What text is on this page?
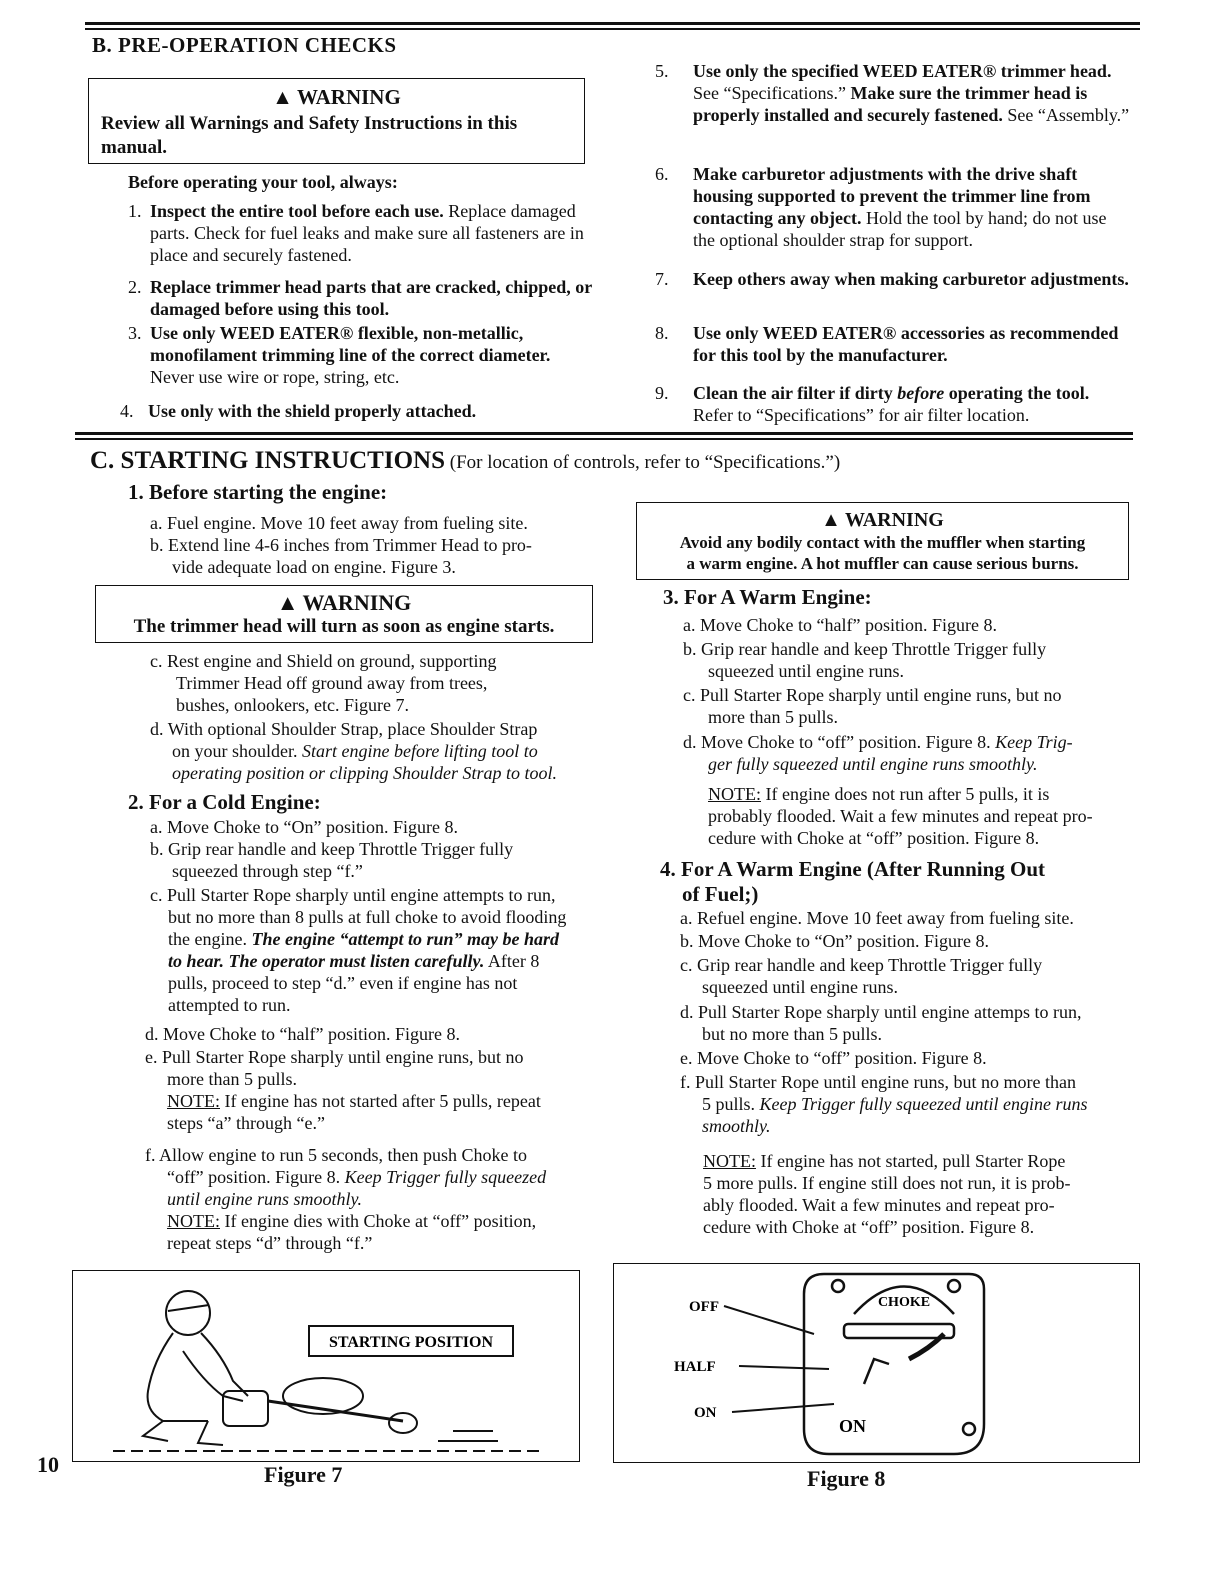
B. PRE-OPERATION CHECKS
▲ WARNING
Review all Warnings and Safety Instructions in this manual.
Before operating your tool, always:
1. Inspect the entire tool before each use. Replace damaged parts. Check for fuel leaks and make sure all fasteners are in place and securely fastened.
2. Replace trimmer head parts that are cracked, chipped, or damaged before using this tool.
3. Use only WEED EATER® flexible, non-metallic, monofilament trimming line of the correct diameter. Never use wire or rope, string, etc.
4. Use only with the shield properly attached.
5. Use only the specified WEED EATER® trimmer head. See “Specifications.” Make sure the trimmer head is properly installed and securely fastened. See “Assembly.”
6. Make carburetor adjustments with the drive shaft housing supported to prevent the trimmer line from contacting any object. Hold the tool by hand; do not use the optional shoulder strap for support.
7. Keep others away when making carburetor adjustments.
8. Use only WEED EATER® accessories as recommended for this tool by the manufacturer.
9. Clean the air filter if dirty before operating the tool. Refer to “Specifications” for air filter location.
C. STARTING INSTRUCTIONS (For location of controls, refer to “Specifications.”)
1. Before starting the engine:
a. Fuel engine. Move 10 feet away from fueling site.
b. Extend line 4-6 inches from Trimmer Head to pro-
vide adequate load on engine. Figure 3.
▲ WARNING
The trimmer head will turn as soon as engine starts.
c. Rest engine and Shield on ground, supporting
Trimmer Head off ground away from trees,
bushes, onlookers, etc. Figure 7.
d. With optional Shoulder Strap, place Shoulder Strap
on your shoulder. Start engine before lifting tool to
operating position or clipping Shoulder Strap to tool.
2. For a Cold Engine:
a. Move Choke to “On” position. Figure 8.
b. Grip rear handle and keep Throttle Trigger fully
squeezed through step “f.”
c. Pull Starter Rope sharply until engine attempts to run,
but no more than 8 pulls at full choke to avoid flooding
the engine. The engine “attempt to run” may be hard
to hear. The operator must listen carefully. After 8
pulls, proceed to step “d.” even if engine has not
attempted to run.
d. Move Choke to “half” position. Figure 8.
e. Pull Starter Rope sharply until engine runs, but no
more than 5 pulls.
NOTE: If engine has not started after 5 pulls, repeat
steps “a” through “e.”
f. Allow engine to run 5 seconds, then push Choke to
“off” position. Figure 8. Keep Trigger fully squeezed
until engine runs smoothly.
NOTE: If engine dies with Choke at “off” position,
repeat steps “d” through “f.”
▲ WARNING
Avoid any bodily contact with the muffler when starting
a warm engine. A hot muffler can cause serious burns.
3. For A Warm Engine:
a. Move Choke to “half” position. Figure 8.
b. Grip rear handle and keep Throttle Trigger fully
squeezed until engine runs.
c. Pull Starter Rope sharply until engine runs, but no
more than 5 pulls.
d. Move Choke to “off” position. Figure 8. Keep Trig-
ger fully squeezed until engine runs smoothly.
NOTE: If engine does not run after 5 pulls, it is
probably flooded. Wait a few minutes and repeat pro-
cedure with Choke at “off” position. Figure 8.
4. For A Warm Engine (After Running Out
of Fuel;)
a. Refuel engine. Move 10 feet away from fueling site.
b. Move Choke to “On” position. Figure 8.
c. Grip rear handle and keep Throttle Trigger fully
squeezed until engine runs.
d. Pull Starter Rope sharply until engine attemps to run,
but no more than 5 pulls.
e. Move Choke to “off” position. Figure 8.
f. Pull Starter Rope until engine runs, but no more than
5 pulls. Keep Trigger fully squeezed until engine runs
smoothly.
NOTE: If engine has not started, pull Starter Rope
5 more pulls. If engine still does not run, it is prob-
ably flooded. Wait a few minutes and repeat pro-
cedure with Choke at “off” position. Figure 8.
STARTING POSITION
Figure 7
CHOKE
ON
OFF
HALF
ON
Figure 8
10
